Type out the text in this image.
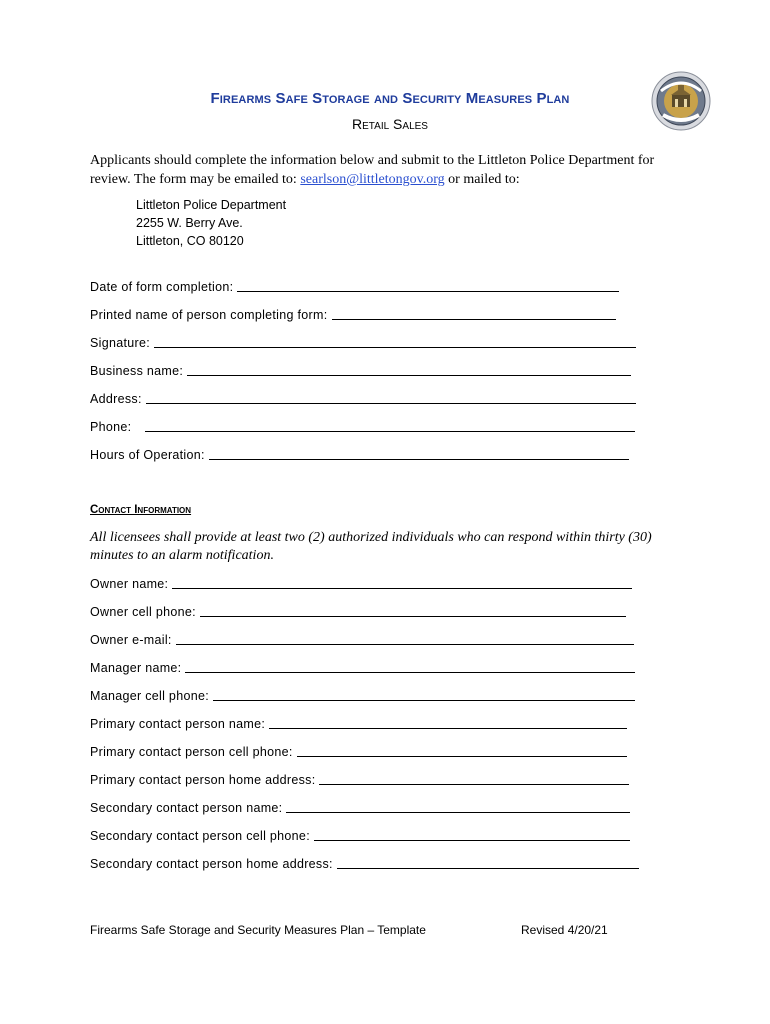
Firearms Safe Storage and Security Measures Plan
Retail Sales
Applicants should complete the information below and submit to the Littleton Police Department for review. The form may be emailed to: searlson@littletongov.org or mailed to:
Littleton Police Department
2255 W. Berry Ave.
Littleton, CO 80120
Date of form completion:
Printed name of person completing form:
Signature:
Business name:
Address:
Phone:
Hours of Operation:
Contact Information
All licensees shall provide at least two (2) authorized individuals who can respond within thirty (30) minutes to an alarm notification.
Owner name:
Owner cell phone:
Owner e-mail:
Manager name:
Manager cell phone:
Primary contact person name:
Primary contact person cell phone:
Primary contact person home address:
Secondary contact person name:
Secondary contact person cell phone:
Secondary contact person home address:
Firearms Safe Storage and Security Measures Plan – Template	Revised 4/20/21
